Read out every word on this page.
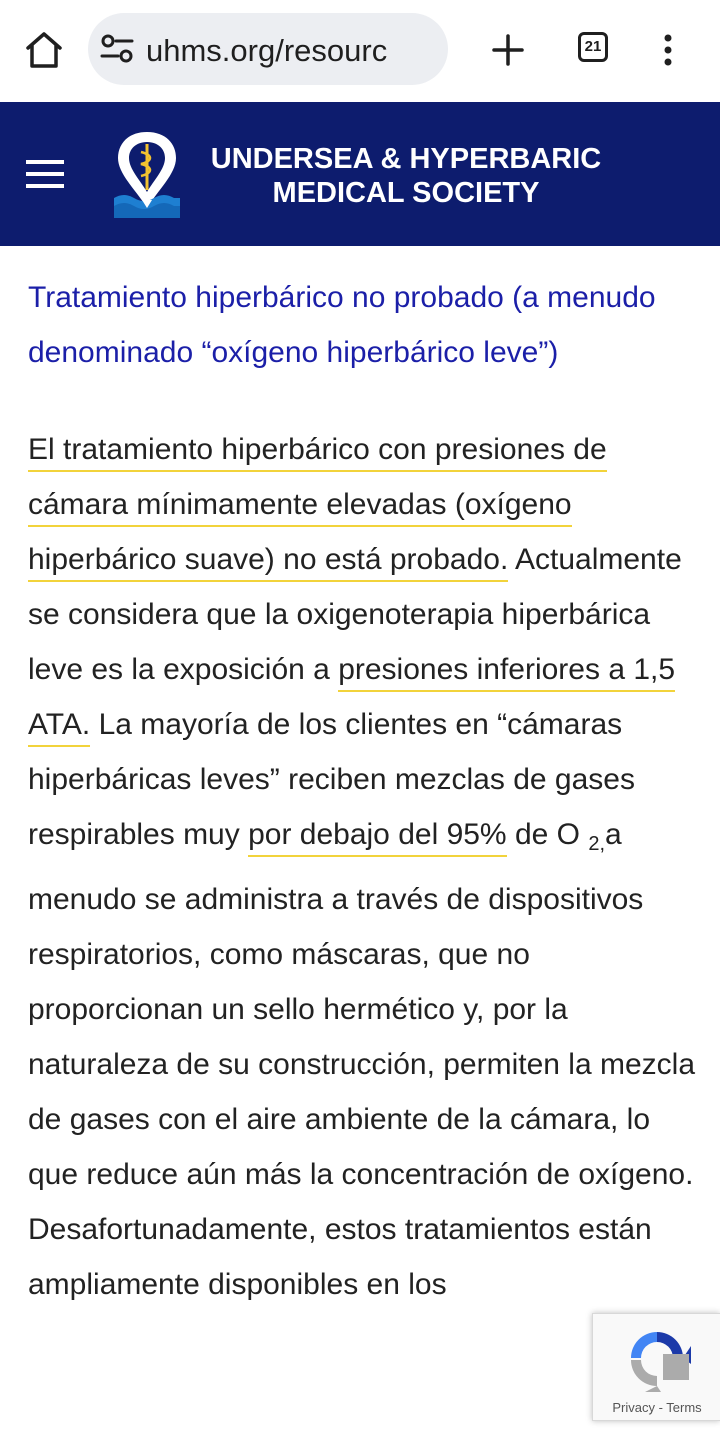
uhms.org/resourc	21
UNDERSEA & HYPERBARIC
MEDICAL SOCIETY
Tratamiento hiperbárico no probado (a menudo denominado “oxígeno hiperbárico leve”)

El tratamiento hiperbárico con presiones de cámara mínimamente elevadas (oxígeno hiperbárico suave) no está probado. Actualmente se considera que la oxigenoterapia hiperbárica leve es la exposición a presiones inferiores a 1,5 ATA. La mayoría de los clientes en “cámaras hiperbáricas leves” reciben mezclas de gases respirables muy por debajo del 95% de O $_{2,}$a menudo se administra a través de dispositivos respiratorios, como máscaras, que no proporcionan un sello hermético y, por la naturaleza de su construcción, permiten la mezcla de gases con el aire ambiente de la cámara, lo que reduce aún más la concentración de oxígeno. Desafortunadamente, estos tratamientos están ampliamente disponibles en los

Privacy - Terms
